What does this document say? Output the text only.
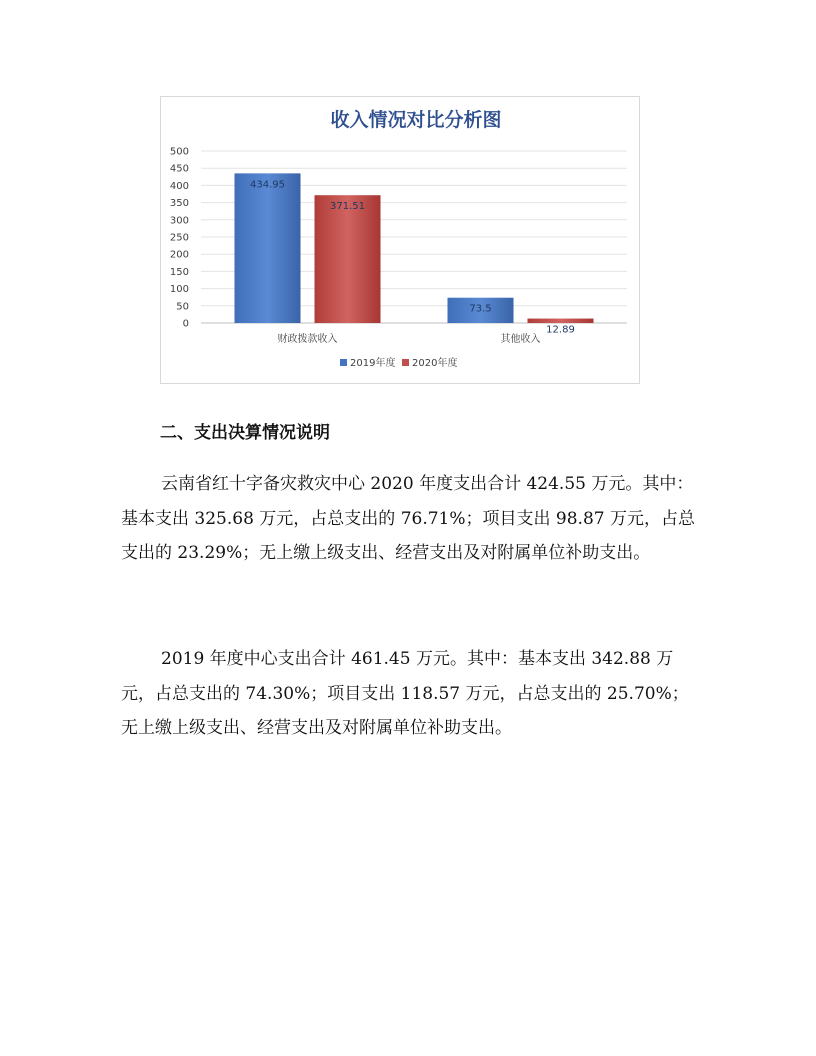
收入情况对比分析图
0
50
100
150
200
250
300
350
400
450
500
434.95
371.51
财政拨款收入
73.5
12.89
其他收入
2019年度 2020年度
二、支出决算情况说明

云南省红十字备灾救灾中心 2020 年度支出合计 424.55 万元。其中：基本支出 325.68 万元，占总支出的 76.71%；项目支出 98.87 万元，占总支出的 23.29%；无上缴上级支出、经营支出及对附属单位补助支出。

2019 年度中心支出合计 461.45 万元。其中：基本支出 342.88 万元，占总支出的 74.30%；项目支出 118.57 万元，占总支出的 25.70%；无上缴上级支出、经营支出及对附属单位补助支出。
